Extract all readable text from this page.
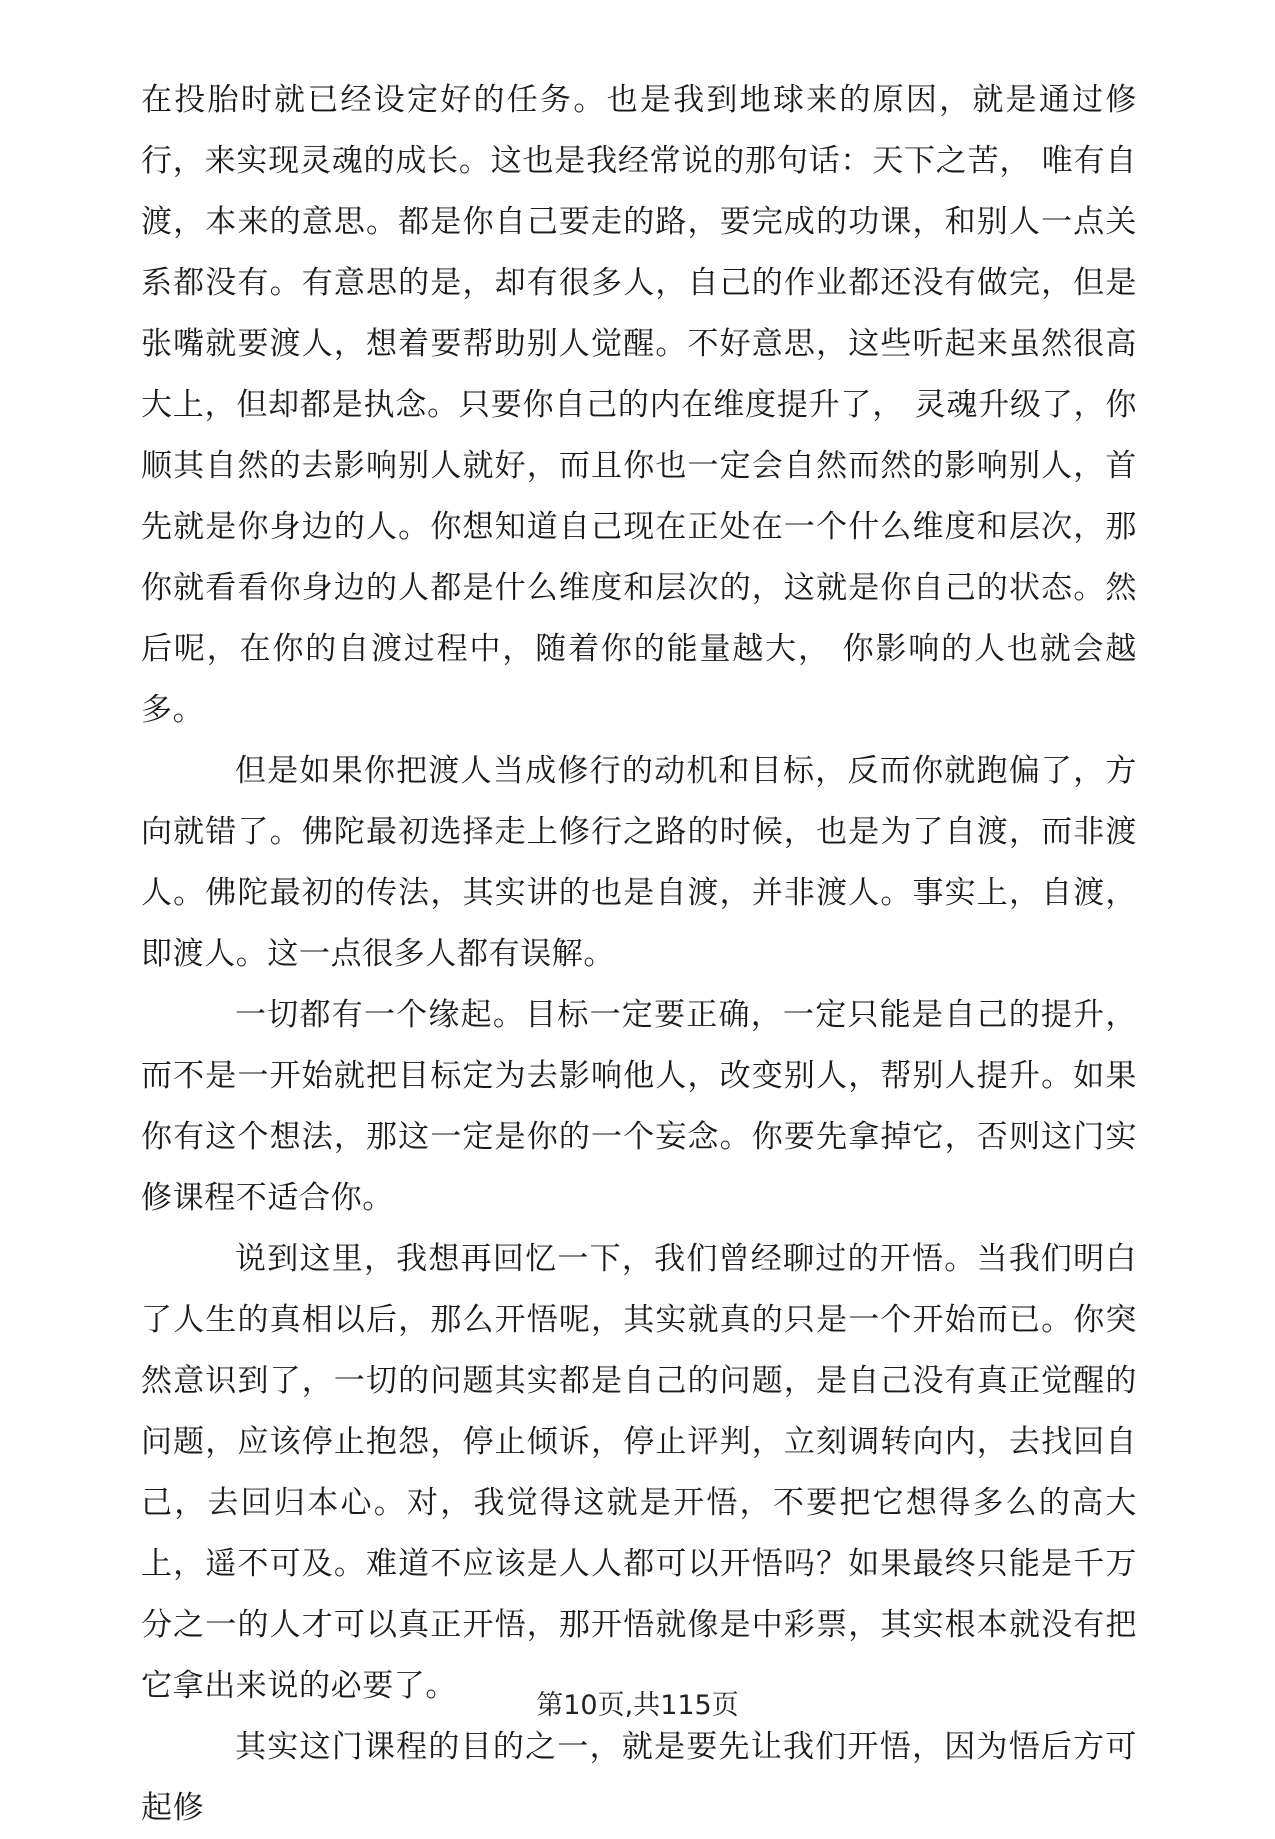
在投胎时就已经设定好的任务。也是我到地球来的原因，就是通过修行，来实现灵魂的成长。这也是我经常说的那句话：天下之苦， 唯有自渡，本来的意思。都是你自己要走的路，要完成的功课，和别人一点关系都没有。有意思的是，却有很多人，自己的作业都还没有做完，但是张嘴就要渡人，想着要帮助别人觉醒。不好意思，这些听起来虽然很高大上，但却都是执念。只要你自己的内在维度提升了， 灵魂升级了，你顺其自然的去影响别人就好，而且你也一定会自然而然的影响别人，首先就是你身边的人。你想知道自己现在正处在一个什么维度和层次，那你就看看你身边的人都是什么维度和层次的，这就是你自己的状态。然后呢，在你的自渡过程中，随着你的能量越大， 你影响的人也就会越多。

但是如果你把渡人当成修行的动机和目标，反而你就跑偏了，方向就错了。佛陀最初选择走上修行之路的时候，也是为了自渡，而非渡人。佛陀最初的传法，其实讲的也是自渡，并非渡人。事实上，自渡，即渡人。这一点很多人都有误解。

一切都有一个缘起。目标一定要正确，一定只能是自己的提升，而不是一开始就把目标定为去影响他人，改变别人，帮别人提升。如果你有这个想法，那这一定是你的一个妄念。你要先拿掉它，否则这门实修课程不适合你。

说到这里，我想再回忆一下，我们曾经聊过的开悟。当我们明白了人生的真相以后，那么开悟呢，其实就真的只是一个开始而已。你突然意识到了，一切的问题其实都是自己的问题，是自己没有真正觉醒的问题，应该停止抱怨，停止倾诉，停止评判，立刻调转向内，去找回自己，去回归本心。对，我觉得这就是开悟，不要把它想得多么的高大上，遥不可及。难道不应该是人人都可以开悟吗？如果最终只能是千万分之一的人才可以真正开悟，那开悟就像是中彩票，其实根本就没有把它拿出来说的必要了。

其实这门课程的目的之一，就是要先让我们开悟，因为悟后方可起修

第10页,共115页
